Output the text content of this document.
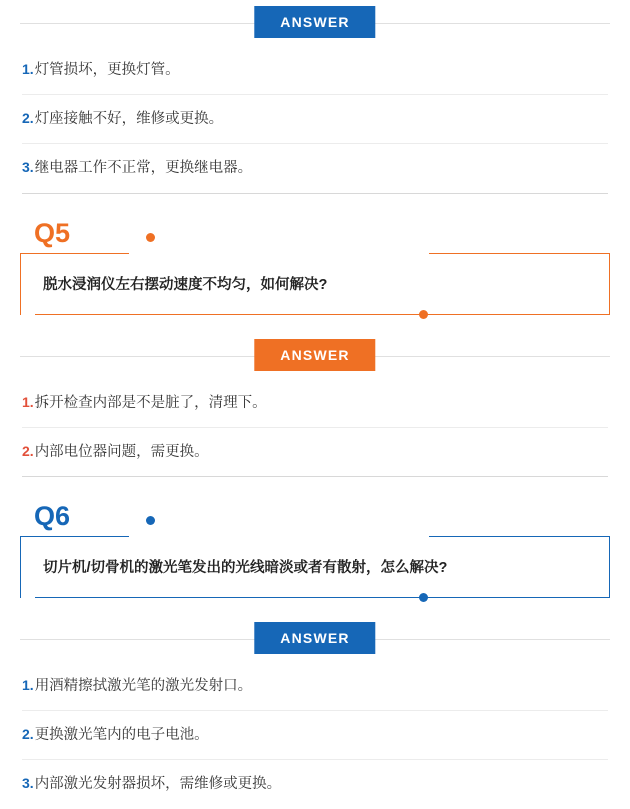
ANSWER
1.灯管损坏，更换灯管。
2.灯座接触不好，维修或更换。
3.继电器工作不正常，更换继电器。
Q5
脱水浸润仪左右摆动速度不均匀，如何解决?
ANSWER
1.拆开检查内部是不是脏了，清理下。
2.内部电位器问题，需更换。
Q6
切片机/切骨机的激光笔发出的光线暗淡或者有散射，怎么解决?
ANSWER
1.用酒精擦拭激光笔的激光发射口。
2.更换激光笔内的电子电池。
3.内部激光发射器损坏，需维修或更换。
